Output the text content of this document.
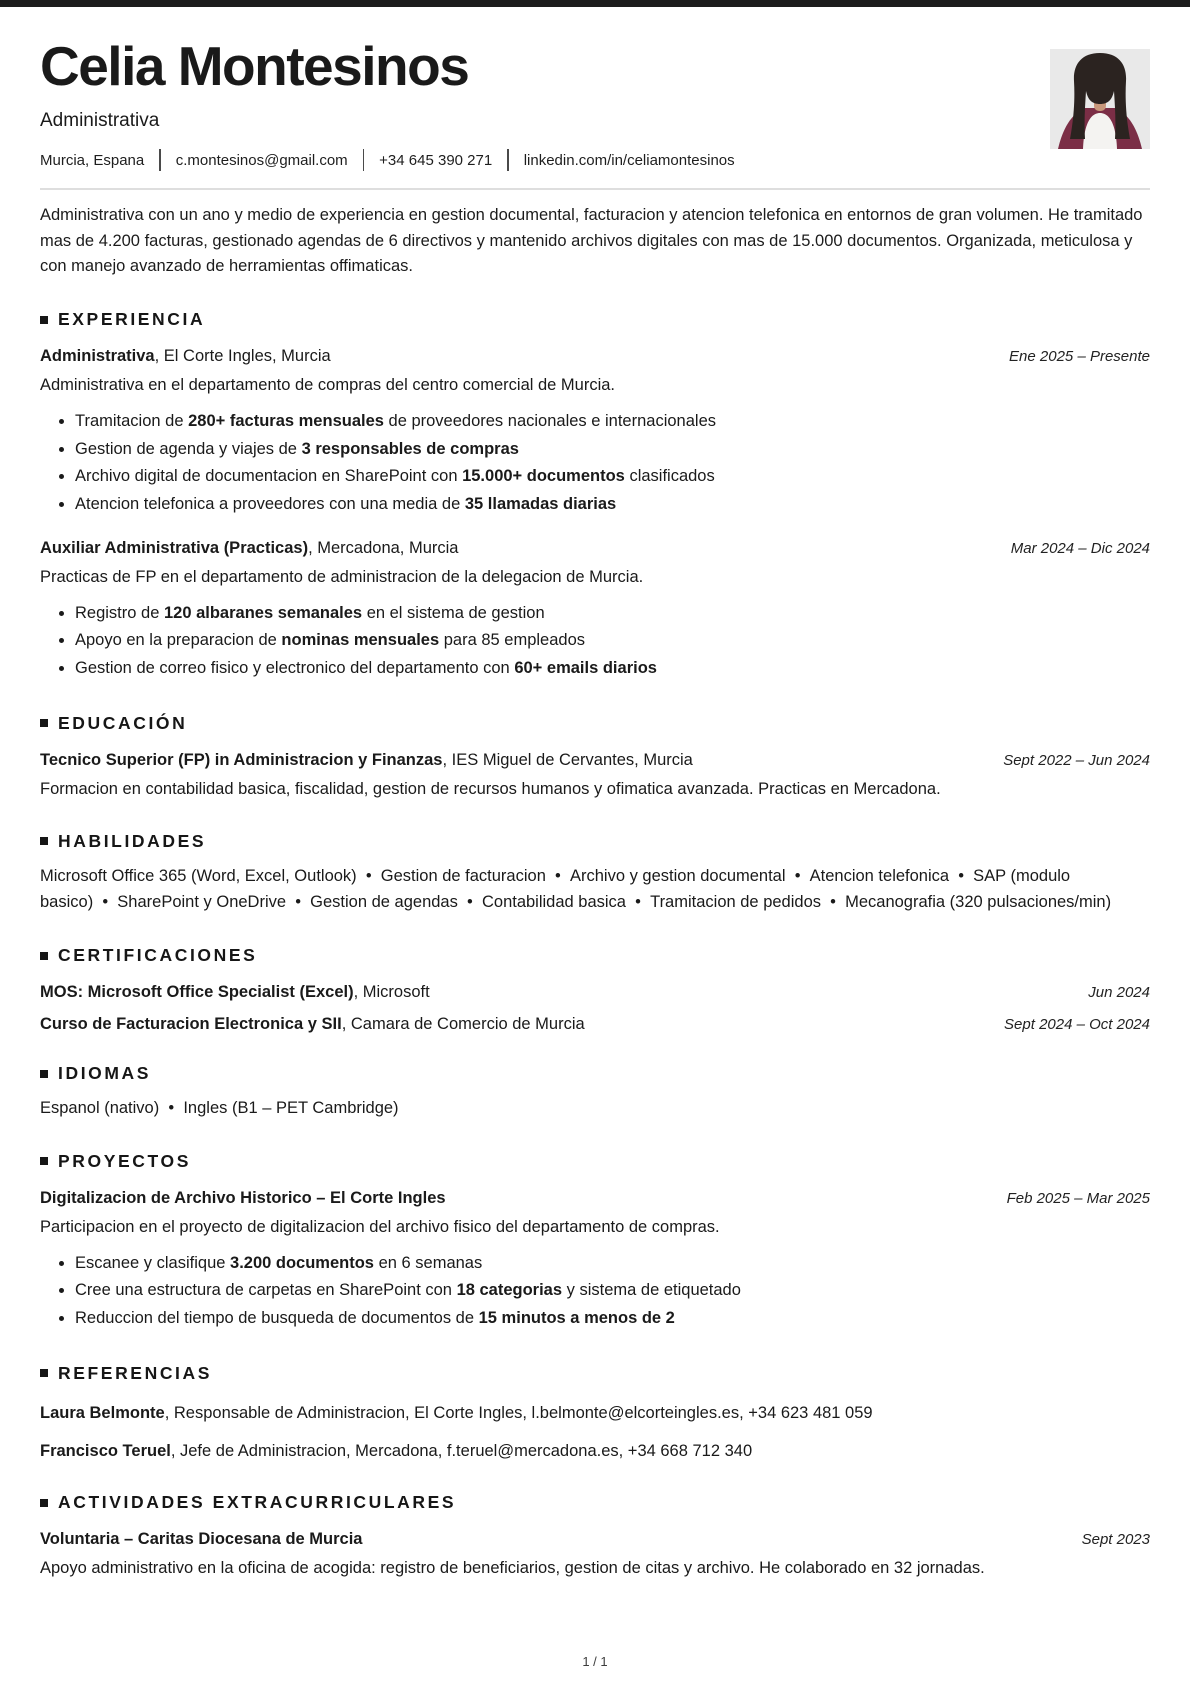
Celia Montesinos
Administrativa
Murcia, Espana c.montesinos@gmail.com +34 645 390 271 linkedin.com/in/celiamontesinos

Administrativa con un ano y medio de experiencia en gestion documental, facturacion y atencion telefonica en entornos de gran volumen. He tramitado mas de 4.200 facturas, gestionado agendas de 6 directivos y mantenido archivos digitales con mas de 15.000 documentos. Organizada, meticulosa y con manejo avanzado de herramientas offimaticas.

EXPERIENCIA
Administrativa, El Corte Ingles, Murcia	Ene 2025 – Presente
Administrativa en el departamento de compras del centro comercial de Murcia.
• Tramitacion de 280+ facturas mensuales de proveedores nacionales e internacionales
• Gestion de agenda y viajes de 3 responsables de compras
• Archivo digital de documentacion en SharePoint con 15.000+ documentos clasificados
• Atencion telefonica a proveedores con una media de 35 llamadas diarias
Auxiliar Administrativa (Practicas), Mercadona, Murcia	Mar 2024 – Dic 2024
Practicas de FP en el departamento de administracion de la delegacion de Murcia.
• Registro de 120 albaranes semanales en el sistema de gestion
• Apoyo en la preparacion de nominas mensuales para 85 empleados
• Gestion de correo fisico y electronico del departamento con 60+ emails diarios
EDUCACIÓN
Tecnico Superior (FP) in Administracion y Finanzas, IES Miguel de Cervantes, Murcia	Sept 2022 – Jun 2024
Formacion en contabilidad basica, fiscalidad, gestion de recursos humanos y ofimatica avanzada. Practicas en Mercadona.
HABILIDADES
Microsoft Office 365 (Word, Excel, Outlook)  •  Gestion de facturacion  •  Archivo y gestion documental  •  Atencion telefonica  •  SAP (modulo basico)  •  SharePoint y OneDrive  •  Gestion de agendas  •  Contabilidad basica  •  Tramitacion de pedidos  •  Mecanografia (320 pulsaciones/min)
CERTIFICACIONES
MOS: Microsoft Office Specialist (Excel), Microsoft	Jun 2024
Curso de Facturacion Electronica y SII, Camara de Comercio de Murcia	Sept 2024 – Oct 2024
IDIOMAS
Espanol (nativo)  •  Ingles (B1 – PET Cambridge)
PROYECTOS
Digitalizacion de Archivo Historico – El Corte Ingles	Feb 2025 – Mar 2025
Participacion en el proyecto de digitalizacion del archivo fisico del departamento de compras.
• Escanee y clasifique 3.200 documentos en 6 semanas
• Cree una estructura de carpetas en SharePoint con 18 categorias y sistema de etiquetado
• Reduccion del tiempo de busqueda de documentos de 15 minutos a menos de 2
REFERENCIAS
Laura Belmonte, Responsable de Administracion, El Corte Ingles, l.belmonte@elcorteingles.es, +34 623 481 059
Francisco Teruel, Jefe de Administracion, Mercadona, f.teruel@mercadona.es, +34 668 712 340
ACTIVIDADES EXTRACURRICULARES
Voluntaria – Caritas Diocesana de Murcia	Sept 2023
Apoyo administrativo en la oficina de acogida: registro de beneficiarios, gestion de citas y archivo. He colaborado en 32 jornadas.
1 / 1
